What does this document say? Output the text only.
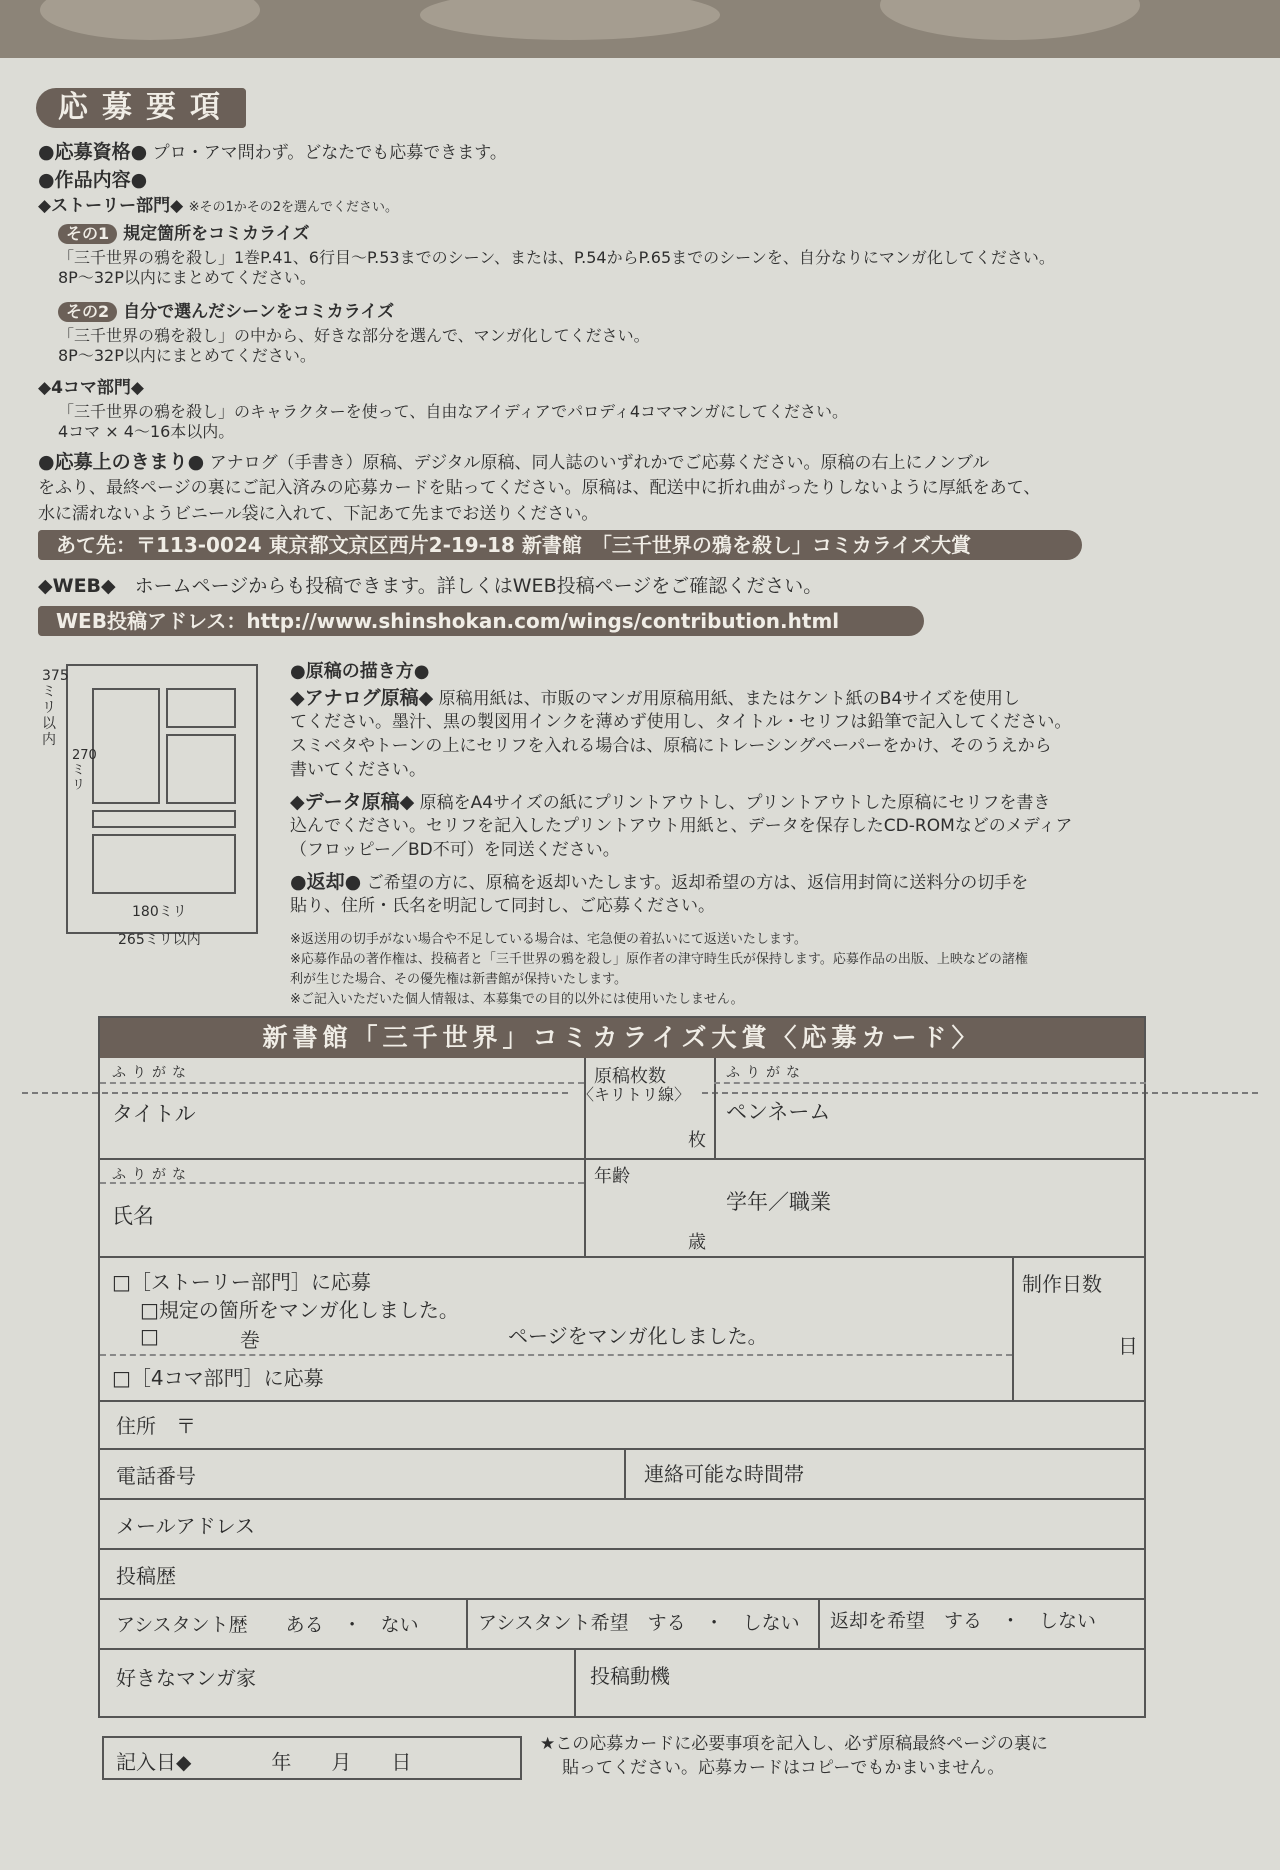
応募要項
●応募資格● プロ・アマ問わず。どなたでも応募できます。
●作品内容●
◆ストーリー部門◆ ※その1かその2を選んでください。
その1 規定箇所をコミカライズ
「三千世界の鴉を殺し」1巻P.41、6行目〜P.53までのシーン、または、P.54からP.65までのシーンを、自分なりにマンガ化してください。
8P〜32P以内にまとめてください。
その2 自分で選んだシーンをコミカライズ
「三千世界の鴉を殺し」の中から、好きな部分を選んで、マンガ化してください。
8P〜32P以内にまとめてください。
◆4コマ部門◆
「三千世界の鴉を殺し」のキャラクターを使って、自由なアイディアでパロディ4コママンガにしてください。
4コマ × 4〜16本以内。
●応募上のきまり● アナログ（手書き）原稿、デジタル原稿、同人誌のいずれかでご応募ください。原稿の右上にノンブル
をふり、最終ページの裏にご記入済みの応募カードを貼ってください。原稿は、配送中に折れ曲がったりしないように厚紙をあて、
水に濡れないようビニール袋に入れて、下記あて先までお送りください。
あて先：〒113-0024 東京都文京区西片2-19-18 新書館　「三千世界の鴉を殺し」コミカライズ大賞
◆WEB◆　 ホームページからも投稿できます。詳しくはWEB投稿ページをご確認ください。
WEB投稿アドレス：http://www.shinshokan.com/wings/contribution.html
375ミリ以内
270ミリ
180ミリ
265ミリ以内
●原稿の描き方●
◆アナログ原稿◆ 原稿用紙は、市販のマンガ用原稿用紙、またはケント紙のB4サイズを使用し
てください。墨汁、黒の製図用インクを薄めず使用し、タイトル・セリフは鉛筆で記入してください。
スミベタやトーンの上にセリフを入れる場合は、原稿にトレーシングペーパーをかけ、そのうえから
書いてください。
◆データ原稿◆ 原稿をA4サイズの紙にプリントアウトし、プリントアウトした原稿にセリフを書き
込んでください。セリフを記入したプリントアウト用紙と、データを保存したCD-ROMなどのメディア
（フロッピー／BD不可）を同送ください。
●返却● ご希望の方に、原稿を返却いたします。返却希望の方は、返信用封筒に送料分の切手を
貼り、住所・氏名を明記して同封し、ご応募ください。
※返送用の切手がない場合や不足している場合は、宅急便の着払いにて返送いたします。
※応募作品の著作権は、投稿者と「三千世界の鴉を殺し」原作者の津守時生氏が保持します。応募作品の出版、上映などの諸権
利が生じた場合、その優先権は新書館が保持いたします。
※ご記入いただいた個人情報は、本募集での目的以外には使用いたしません。
〈キリトリ線〉
新書館「三千世界」コミカライズ大賞〈応募カード〉
ふりがな
タイトル
原稿枚数
枚
ふりがな
ペンネーム
ふりがな
氏名
年齢
歳
学年／職業
□［ストーリー部門］に応募
□規定の箇所をマンガ化しました。
□	巻	ページをマンガ化しました。
□［4コマ部門］に応募
制作日数
日
住所　〒
電話番号	連絡可能な時間帯
メールアドレス
投稿歴
アシスタント歴　　ある　・　ない	アシスタント希望　する　・　しない 返却を希望　する　・　しない
好きなマンガ家	投稿動機
記入日◆　　　　年　　月　　日
★この応募カードに必要事項を記入し、必ず原稿最終ページの裏に
貼ってください。応募カードはコピーでもかまいません。
